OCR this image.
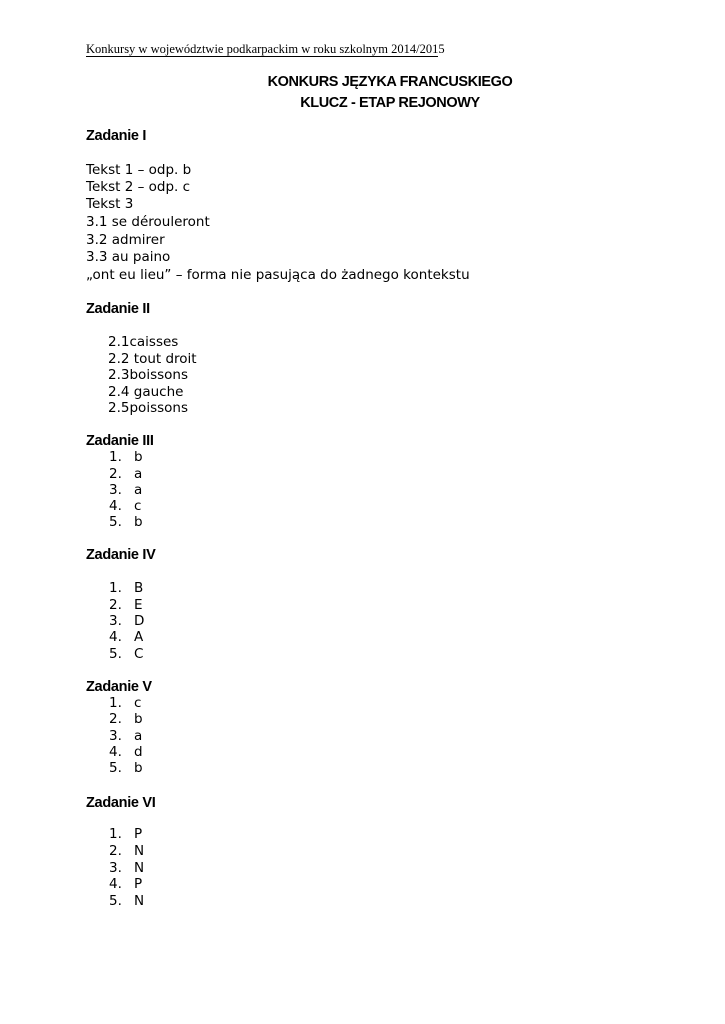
Konkursy w województwie podkarpackim w roku szkolnym 2014/2015
KONKURS JĘZYKA FRANCUSKIEGO
KLUCZ - ETAP REJONOWY
Zadanie I
Tekst 1 – odp. b
Tekst 2 – odp. c
Tekst 3
3.1 se dérouleront
3.2 admirer
3.3 au paino
„ont eu lieu” – forma nie pasująca do żadnego kontekstu
Zadanie II
2.1caisses
2.2 tout droit
2.3boissons
2.4 gauche
2.5poissons
Zadanie III
1. b
2. a
3. a
4. c
5. b
Zadanie IV
1. B
2. E
3. D
4. A
5. C
Zadanie V
1. c
2. b
3. a
4. d
5. b
Zadanie VI
1. P
2. N
3. N
4. P
5. N
